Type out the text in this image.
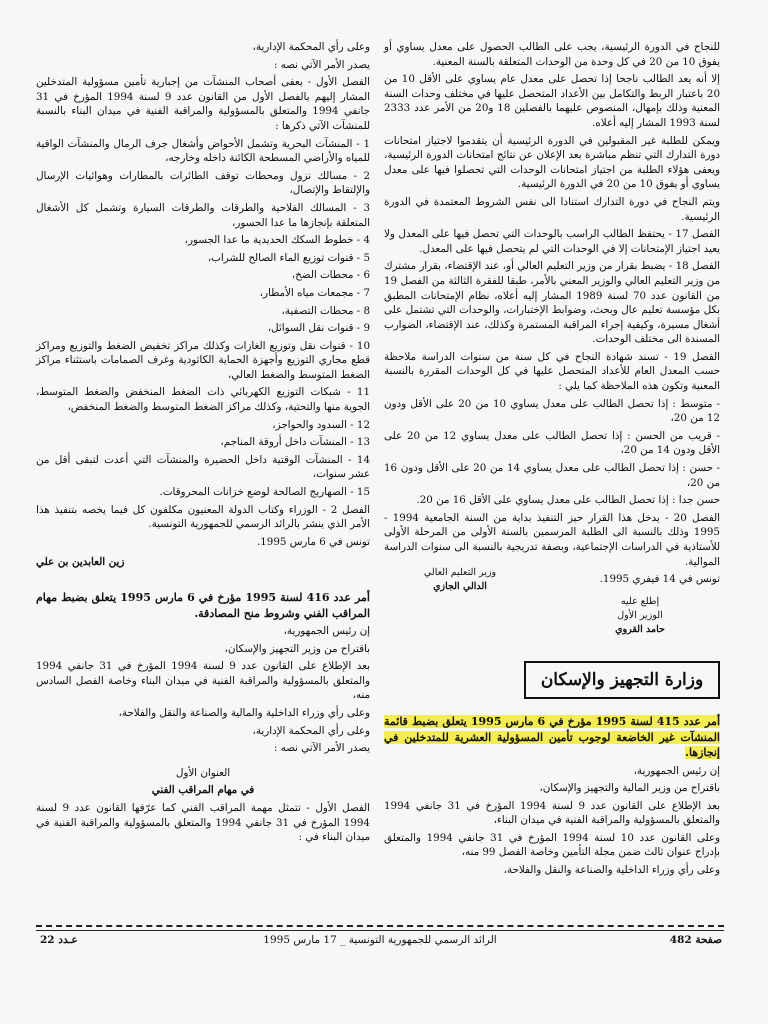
للنجاح في الدورة الرئيسية، يجب على الطالب الحصول على معدل يساوي أو يفوق 10 من 20 في كل وحدة من الوحدات المتعلقة بالسنة المعنية.

إلا أنه يعد الطالب ناجحا إذا تحصل على معدل عام يساوي على الأقل 10 من 20 باعتبار الربط والتكامل بين الأعداد المتحصل عليها في مختلف وحدات السنة المعنية وذلك بإمهال، المنصوص عليهما بالفصلين 18 و20 من الأمر عدد 2333 لسنة 1993 المشار إليه أعلاه.

ويمكن للطلبة غير المقبولين في الدورة الرئيسية أن يتقدموا لاجتياز امتحانات دورة التدارك التي تنظم مباشرة بعد الإعلان عن نتائج امتحانات الدورة الرئيسية، ويعفى هؤلاء الطلبة من اجتياز امتحانات الوحدات التي تحصلوا فيها على معدل يساوي أو يفوق 10 من 20 في الدورة الرئيسية.

ويتم النجاح في دورة التدارك استنادا الى نفس الشروط المعتمدة في الدورة الرئيسية.

الفصل 17 - يحتفظ الطالب الراسب بالوحدات التي تحصل فيها على المعدل ولا يعيد اجتياز الإمتحانات إلا في الوحدات التي لم يتحصل فيها على المعدل.

الفصل 18 - يضبط بقرار من وزير التعليم العالي أو، عند الإقتضاء، بقرار مشترك من وزير التعليم العالي والوزير المعني بالأمر، طبقا للفقرة الثالثة من الفصل 19 من القانون عدد 70 لسنة 1989 المشار إليه أعلاه، نظام الإمتحانات المطبق بكل مؤسسة تعليم عال وبحث، وضوابط الإختبارات، والوحدات التي تشتمل على أشغال مسيرة، وكيفية إجراء المراقبة المستمرة وكذلك، عند الإقتضاء، الضوارب المسندة الى مختلف الوحدات.

الفصل 19 - تسند شهادة النجاح في كل سنة من سنوات الدراسة ملاحظة حسب المعدل العام للأعداد المتحصل عليها في كل الوحدات المقررة بالنسبة المعنية وتكون هذه الملاحظة كما يلي :

- متوسط : إذا تحصل الطالب على معدل يساوي 10 من 20 على الأقل ودون 12 من 20،

- قريب من الحسن : إذا تحصل الطالب على معدل يساوي 12 من 20 على الأقل ودون 14 من 20،

- حسن : إذا تحصل الطالب على معدل يساوي 14 من 20 على الأقل ودون 16 من 20،

حسن جدا : إذا تحصل الطالب على معدل يساوي على الأقل 16 من 20.

الفصل 20 - يدخل هذا القرار حيز التنفيذ بداية من السنة الجامعية 1994 - 1995 وذلك بالنسبة الى الطلبة المرسمين بالسنة الأولى من المرحلة الأولى للأستاذية في الدراسات الإجتماعية، وبصفة تدريجية بالنسبة الى سنوات الدراسة الموالية.

تونس في 14 فيفري 1995.

وزير التعليم العالي
الدالي الجازي
إطلع عليه
الوزير الأول
حامد القروي
وزارة التجهيز والإسكان

أمر عدد 415 لسنة 1995 مؤرخ في 6 مارس 1995 يتعلق بضبط قائمة المنشآت غير الخاضعة لوجوب تأمين المسؤولية العشرية للمتدخلين في إنجازها.

إن رئيس الجمهورية،

باقتراح من وزير المالية والتجهيز والإسكان،

بعد الإطلاع على القانون عدد 9 لسنة 1994 المؤرخ في 31 جانفي 1994 والمتعلق بالمسؤولية والمراقبة الفنية في ميدان البناء،

وعلى القانون عدد 10 لسنة 1994 المؤرخ في 31 جانفي 1994 والمتعلق بإدراج عنوان ثالث ضمن مجلة التأمين وخاصة الفصل 99 منه،

وعلى رأي وزراء الداخلية والصناعة والنقل والفلاحة،

وعلى رأي المحكمة الإدارية،

يصدر الأمر الآتي نصه :

الفصل الأول - يعفى أصحاب المنشآت من إجبارية تأمين مسؤولية المتدخلين المشار إليهم بالفصل الأول من القانون عدد 9 لسنة 1994 المؤرخ في 31 جانفي 1994 والمتعلق بالمسؤولية والمراقبة الفنية في ميدان البناء بالنسبة للمنشآت الآتي ذكرها :

1 - المنشآت البحرية وتشمل الأحواض وأشغال جرف الرمال والمنشآت الواقية للمياه والأراضي المسطحة الكائنة داخله وخارجه،

2 - مسالك نزول ومحطات توقف الطائرات بالمطارات وهوائيات الإرسال والإلتقاط والإتصال،

3 - المسالك الفلاحية والطرقات والطرقات السيارة وتشمل كل الأشغال المتعلقة بإنجازها ما عدا الجسور،

4 - خطوط السكك الحديدية ما عدا الجسور،

5 - قنوات توزيع الماء الصالح للشراب،

6 - محطات الضخ،

7 - مجمعات مياه الأمطار،

8 - محطات التصفية،

9 - قنوات نقل السوائل،

10 - قنوات نقل وتوزيع الغازات وكذلك مراكز تخفيض الضغط والتوزيع ومراكز قطع مجاري التوزيع وأجهزة الحماية الكاثودية وغرف الصمامات باستثناء مراكز الضغط المتوسط والضغط العالي،

11 - شبكات التوزيع الكهربائي ذات الضغط المنخفض والضغط المتوسط، الجوية منها والتحتية، وكذلك مراكز الضغط المتوسط والضغط المنخفض،

12 - السدود والحواجز،

13 - المنشآت داخل أروقة المناجم،

14 - المنشآت الوقتية داخل الحضيرة والمنشآت التي أعدت لتبقى أقل من عشر سنوات،

15 - الصهاريج الصالحة لوضع خزانات المحروقات.

الفصل 2 - الوزراء وكتاب الدولة المعنيون مكلفون كل فيما يخصه بتنفيذ هذا الأمر الذي ينشر بالرائد الرسمي للجمهورية التونسية.

تونس في 6 مارس 1995.

زين العابدين بن علي

أمر عدد 416 لسنة 1995 مؤرخ في 6 مارس 1995 يتعلق بضبط مهام المراقب الفني وشروط منح المصادقة.

إن رئيس الجمهورية،

باقتراح من وزير التجهيز والإسكان،

بعد الإطلاع على القانون عدد 9 لسنة 1994 المؤرخ في 31 جانفي 1994 والمتعلق بالمسؤولية والمراقبة الفنية في ميدان البناء وخاصة الفصل السادس منه،

وعلى رأي وزراء الداخلية والمالية والصناعة والنقل والفلاحة،

وعلى رأي المحكمة الإدارية،

يصدر الأمر الآتي نصه :

العنوان الأول

في مهام المراقب الفني

الفصل الأول - تتمثل مهمة المراقب الفني كما عرّفها القانون عدد 9 لسنة 1994 المؤرخ في 31 جانفي 1994 والمتعلق بالمسؤولية والمراقبة الفنية في ميدان البناء في :

صفحة 482
الرائد الرسمي للجمهورية التونسية _ 17 مارس 1995
عـدد 22
